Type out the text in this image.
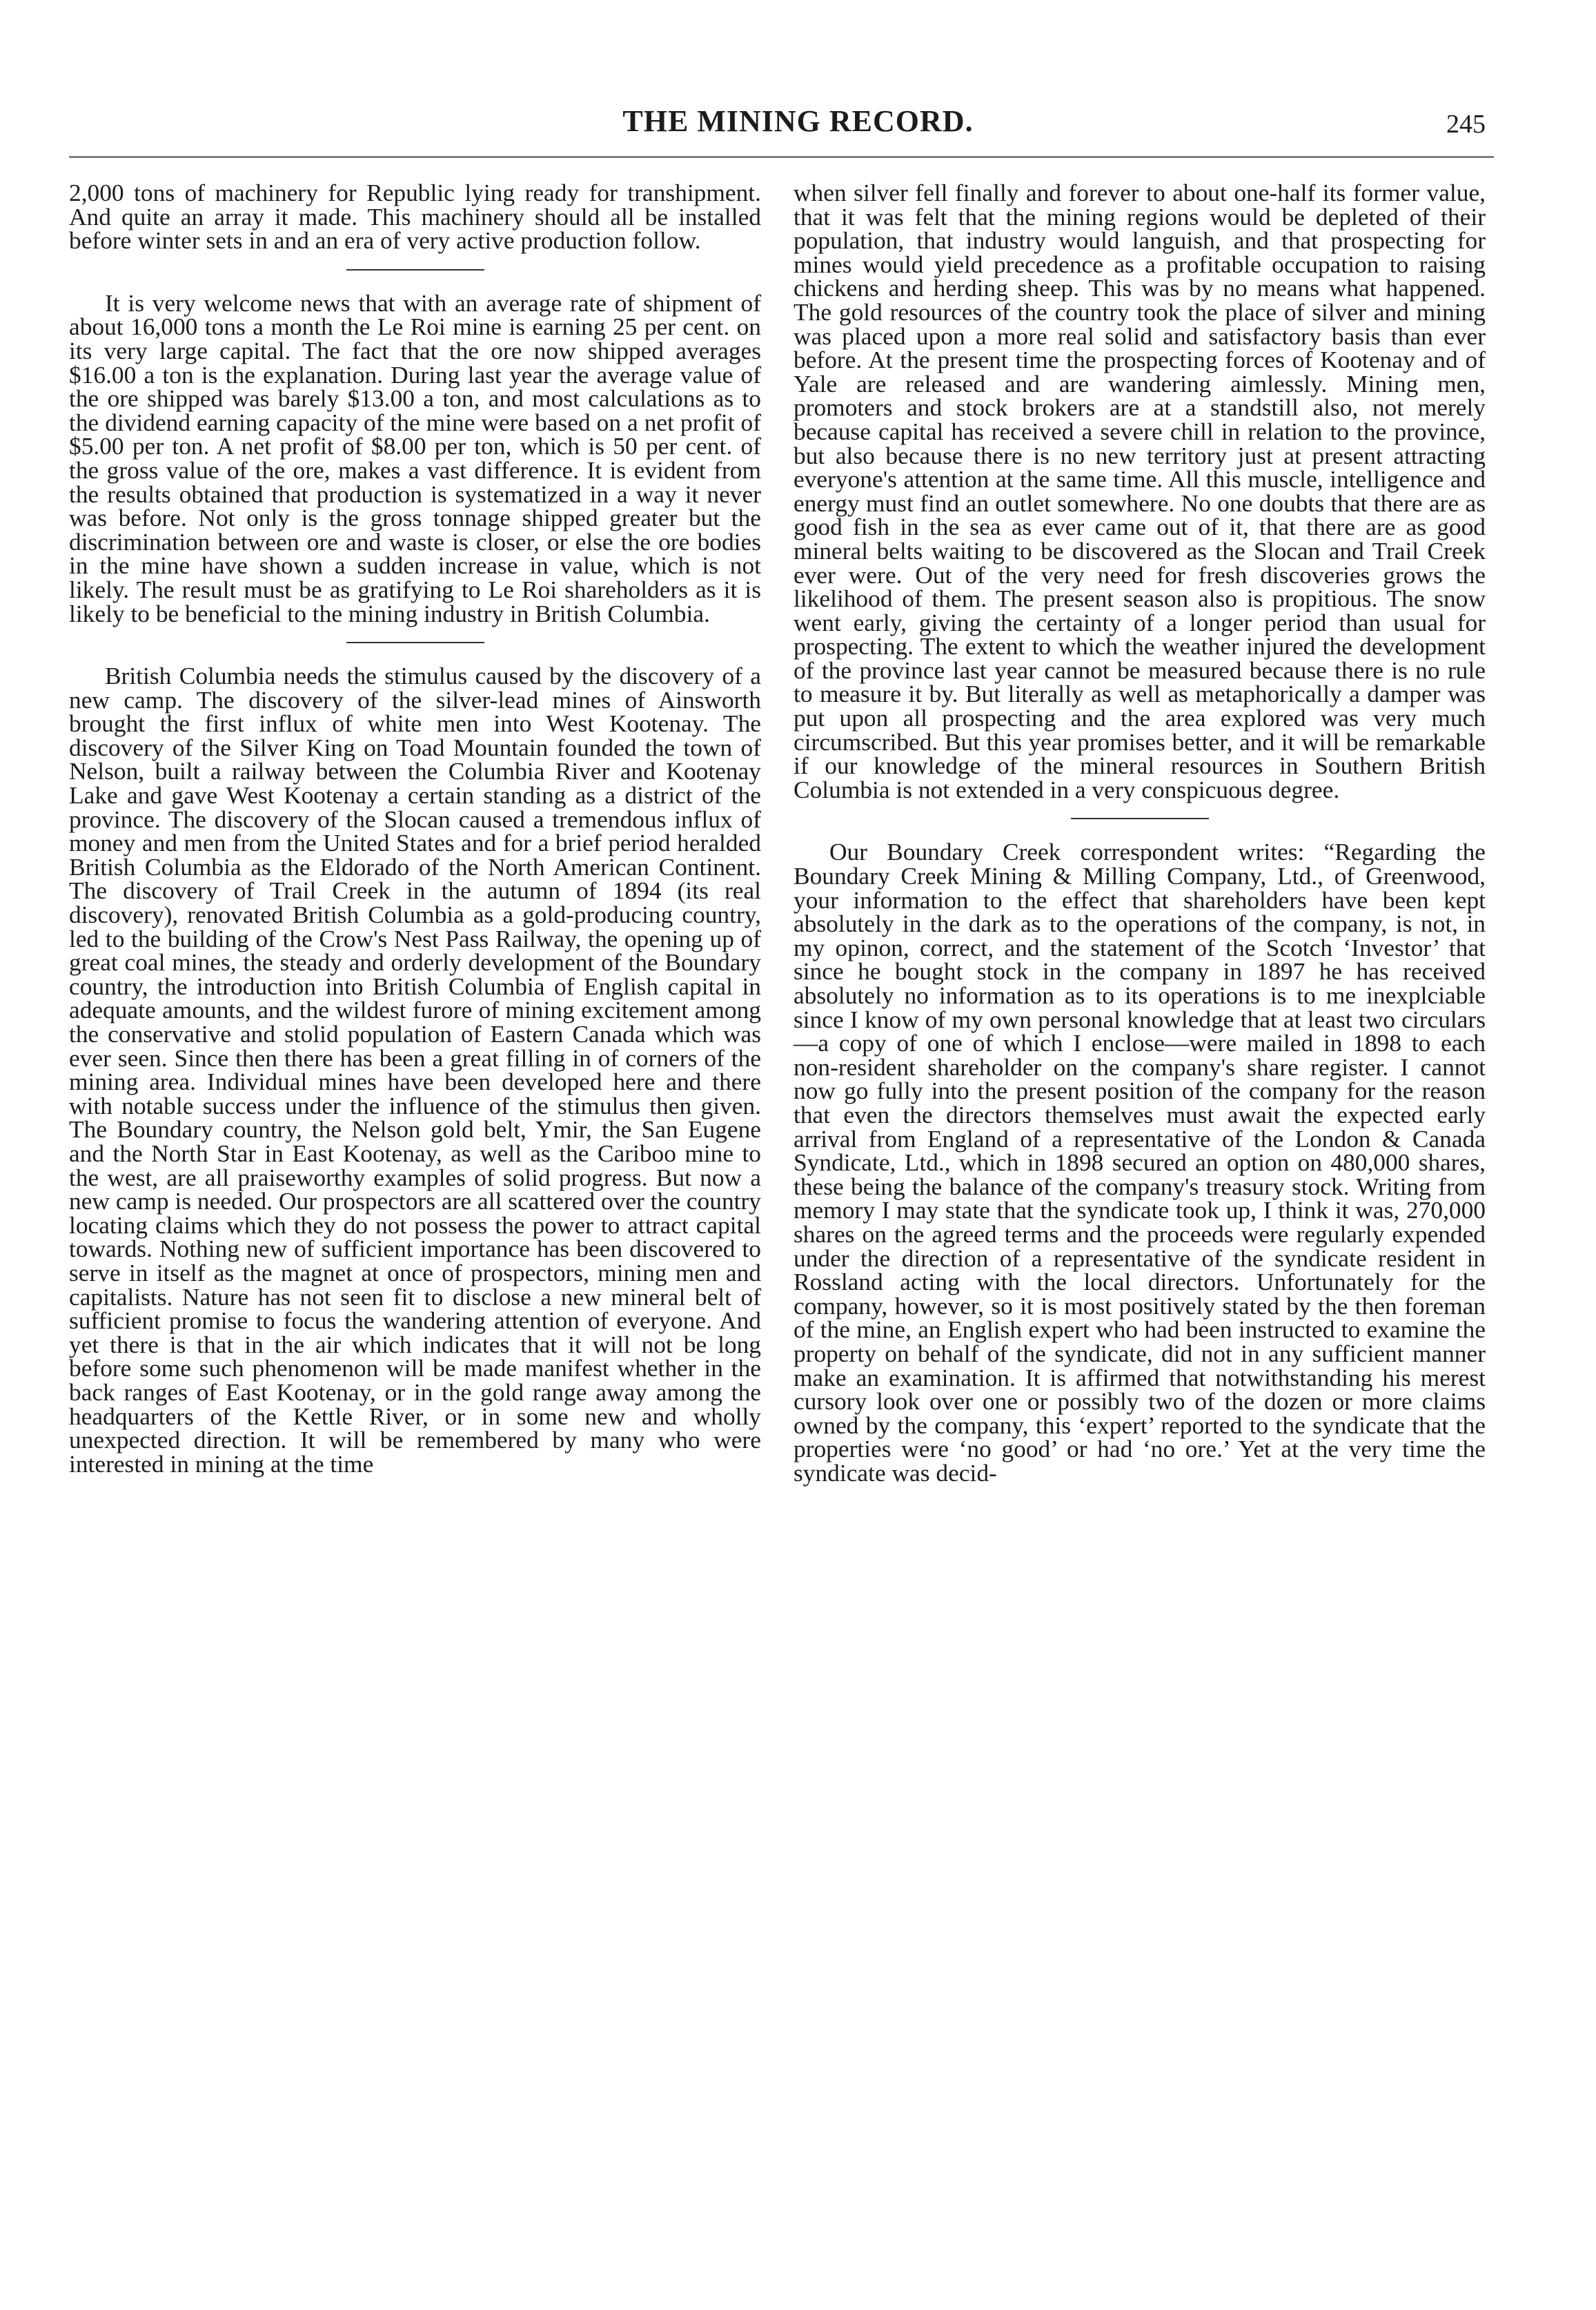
THE MINING RECORD.	245

2,000 tons of machinery for Republic lying ready for transhipment. And quite an array it made. This machinery should all be installed before winter sets in and an era of very active production follow.

It is very welcome news that with an average rate of shipment of about 16,000 tons a month the Le Roi mine is earning 25 per cent. on its very large capital. The fact that the ore now shipped averages $16.00 a ton is the explanation. During last year the average value of the ore shipped was barely $13.00 a ton, and most calculations as to the dividend earning capacity of the mine were based on a net profit of $5.00 per ton. A net profit of $8.00 per ton, which is 50 per cent. of the gross value of the ore, makes a vast difference. It is evident from the results obtained that production is systematized in a way it never was before. Not only is the gross tonnage shipped greater but the discrimination between ore and waste is closer, or else the ore bodies in the mine have shown a sudden increase in value, which is not likely. The result must be as gratifying to Le Roi shareholders as it is likely to be beneficial to the mining industry in British Columbia.

British Columbia needs the stimulus caused by the discovery of a new camp. The discovery of the silver-lead mines of Ainsworth brought the first influx of white men into West Kootenay. The discovery of the Silver King on Toad Mountain founded the town of Nelson, built a railway between the Columbia River and Kootenay Lake and gave West Kootenay a certain standing as a district of the province. The discovery of the Slocan caused a tremendous influx of money and men from the United States and for a brief period heralded British Columbia as the Eldorado of the North American Continent. The discovery of Trail Creek in the autumn of 1894 (its real discovery), renovated British Columbia as a gold-producing country, led to the building of the Crow's Nest Pass Railway, the opening up of great coal mines, the steady and orderly development of the Boundary country, the introduction into British Columbia of English capital in adequate amounts, and the wildest furore of mining excitement among the conservative and stolid population of Eastern Canada which was ever seen. Since then there has been a great filling in of corners of the mining area. Individual mines have been developed here and there with notable success under the influence of the stimulus then given. The Boundary country, the Nelson gold belt, Ymir, the San Eugene and the North Star in East Kootenay, as well as the Cariboo mine to the west, are all praiseworthy examples of solid progress. But now a new camp is needed. Our prospectors are all scattered over the country locating claims which they do not possess the power to attract capital towards. Nothing new of sufficient importance has been discovered to serve in itself as the magnet at once of prospectors, mining men and capitalists. Nature has not seen fit to disclose a new mineral belt of sufficient promise to focus the wandering attention of everyone. And yet there is that in the air which indicates that it will not be long before some such phenomenon will be made manifest whether in the back ranges of East Kootenay, or in the gold range away among the headquarters of the Kettle River, or in some new and wholly unexpected direction. It will be remembered by many who were interested in mining at the time

when silver fell finally and forever to about one-half its former value, that it was felt that the mining regions would be depleted of their population, that industry would languish, and that prospecting for mines would yield precedence as a profitable occupation to raising chickens and herding sheep. This was by no means what happened. The gold resources of the country took the place of silver and mining was placed upon a more real solid and satisfactory basis than ever before. At the present time the prospecting forces of Kootenay and of Yale are released and are wandering aimlessly. Mining men, promoters and stock brokers are at a standstill also, not merely because capital has received a severe chill in relation to the province, but also because there is no new territory just at present attracting everyone's attention at the same time. All this muscle, intelligence and energy must find an outlet somewhere. No one doubts that there are as good fish in the sea as ever came out of it, that there are as good mineral belts waiting to be discovered as the Slocan and Trail Creek ever were. Out of the very need for fresh discoveries grows the likelihood of them. The present season also is propitious. The snow went early, giving the certainty of a longer period than usual for prospecting. The extent to which the weather injured the development of the province last year cannot be measured because there is no rule to measure it by. But literally as well as metaphorically a damper was put upon all prospecting and the area explored was very much circumscribed. But this year promises better, and it will be remarkable if our knowledge of the mineral resources in Southern British Columbia is not extended in a very conspicuous degree.

Our Boundary Creek correspondent writes: “Regarding the Boundary Creek Mining & Milling Company, Ltd., of Greenwood, your information to the effect that shareholders have been kept absolutely in the dark as to the operations of the company, is not, in my opinon, correct, and the statement of the Scotch ‘Investor’ that since he bought stock in the company in 1897 he has received absolutely no information as to its operations is to me inexplciable since I know of my own personal knowledge that at least two circulars —a copy of one of which I enclose—were mailed in 1898 to each non-resident shareholder on the company's share register. I cannot now go fully into the present position of the company for the reason that even the directors themselves must await the expected early arrival from England of a representative of the London & Canada Syndicate, Ltd., which in 1898 secured an option on 480,000 shares, these being the balance of the company's treasury stock. Writing from memory I may state that the syndicate took up, I think it was, 270,000 shares on the agreed terms and the proceeds were regularly expended under the direction of a representative of the syndicate resident in Rossland acting with the local directors. Unfortunately for the company, however, so it is most positively stated by the then foreman of the mine, an English expert who had been instructed to examine the property on behalf of the syndicate, did not in any sufficient manner make an examination. It is affirmed that notwithstanding his merest cursory look over one or possibly two of the dozen or more claims owned by the company, this ‘expert’ reported to the syndicate that the properties were ‘no good’ or had ‘no ore.’ Yet at the very time the syndicate was decid-
